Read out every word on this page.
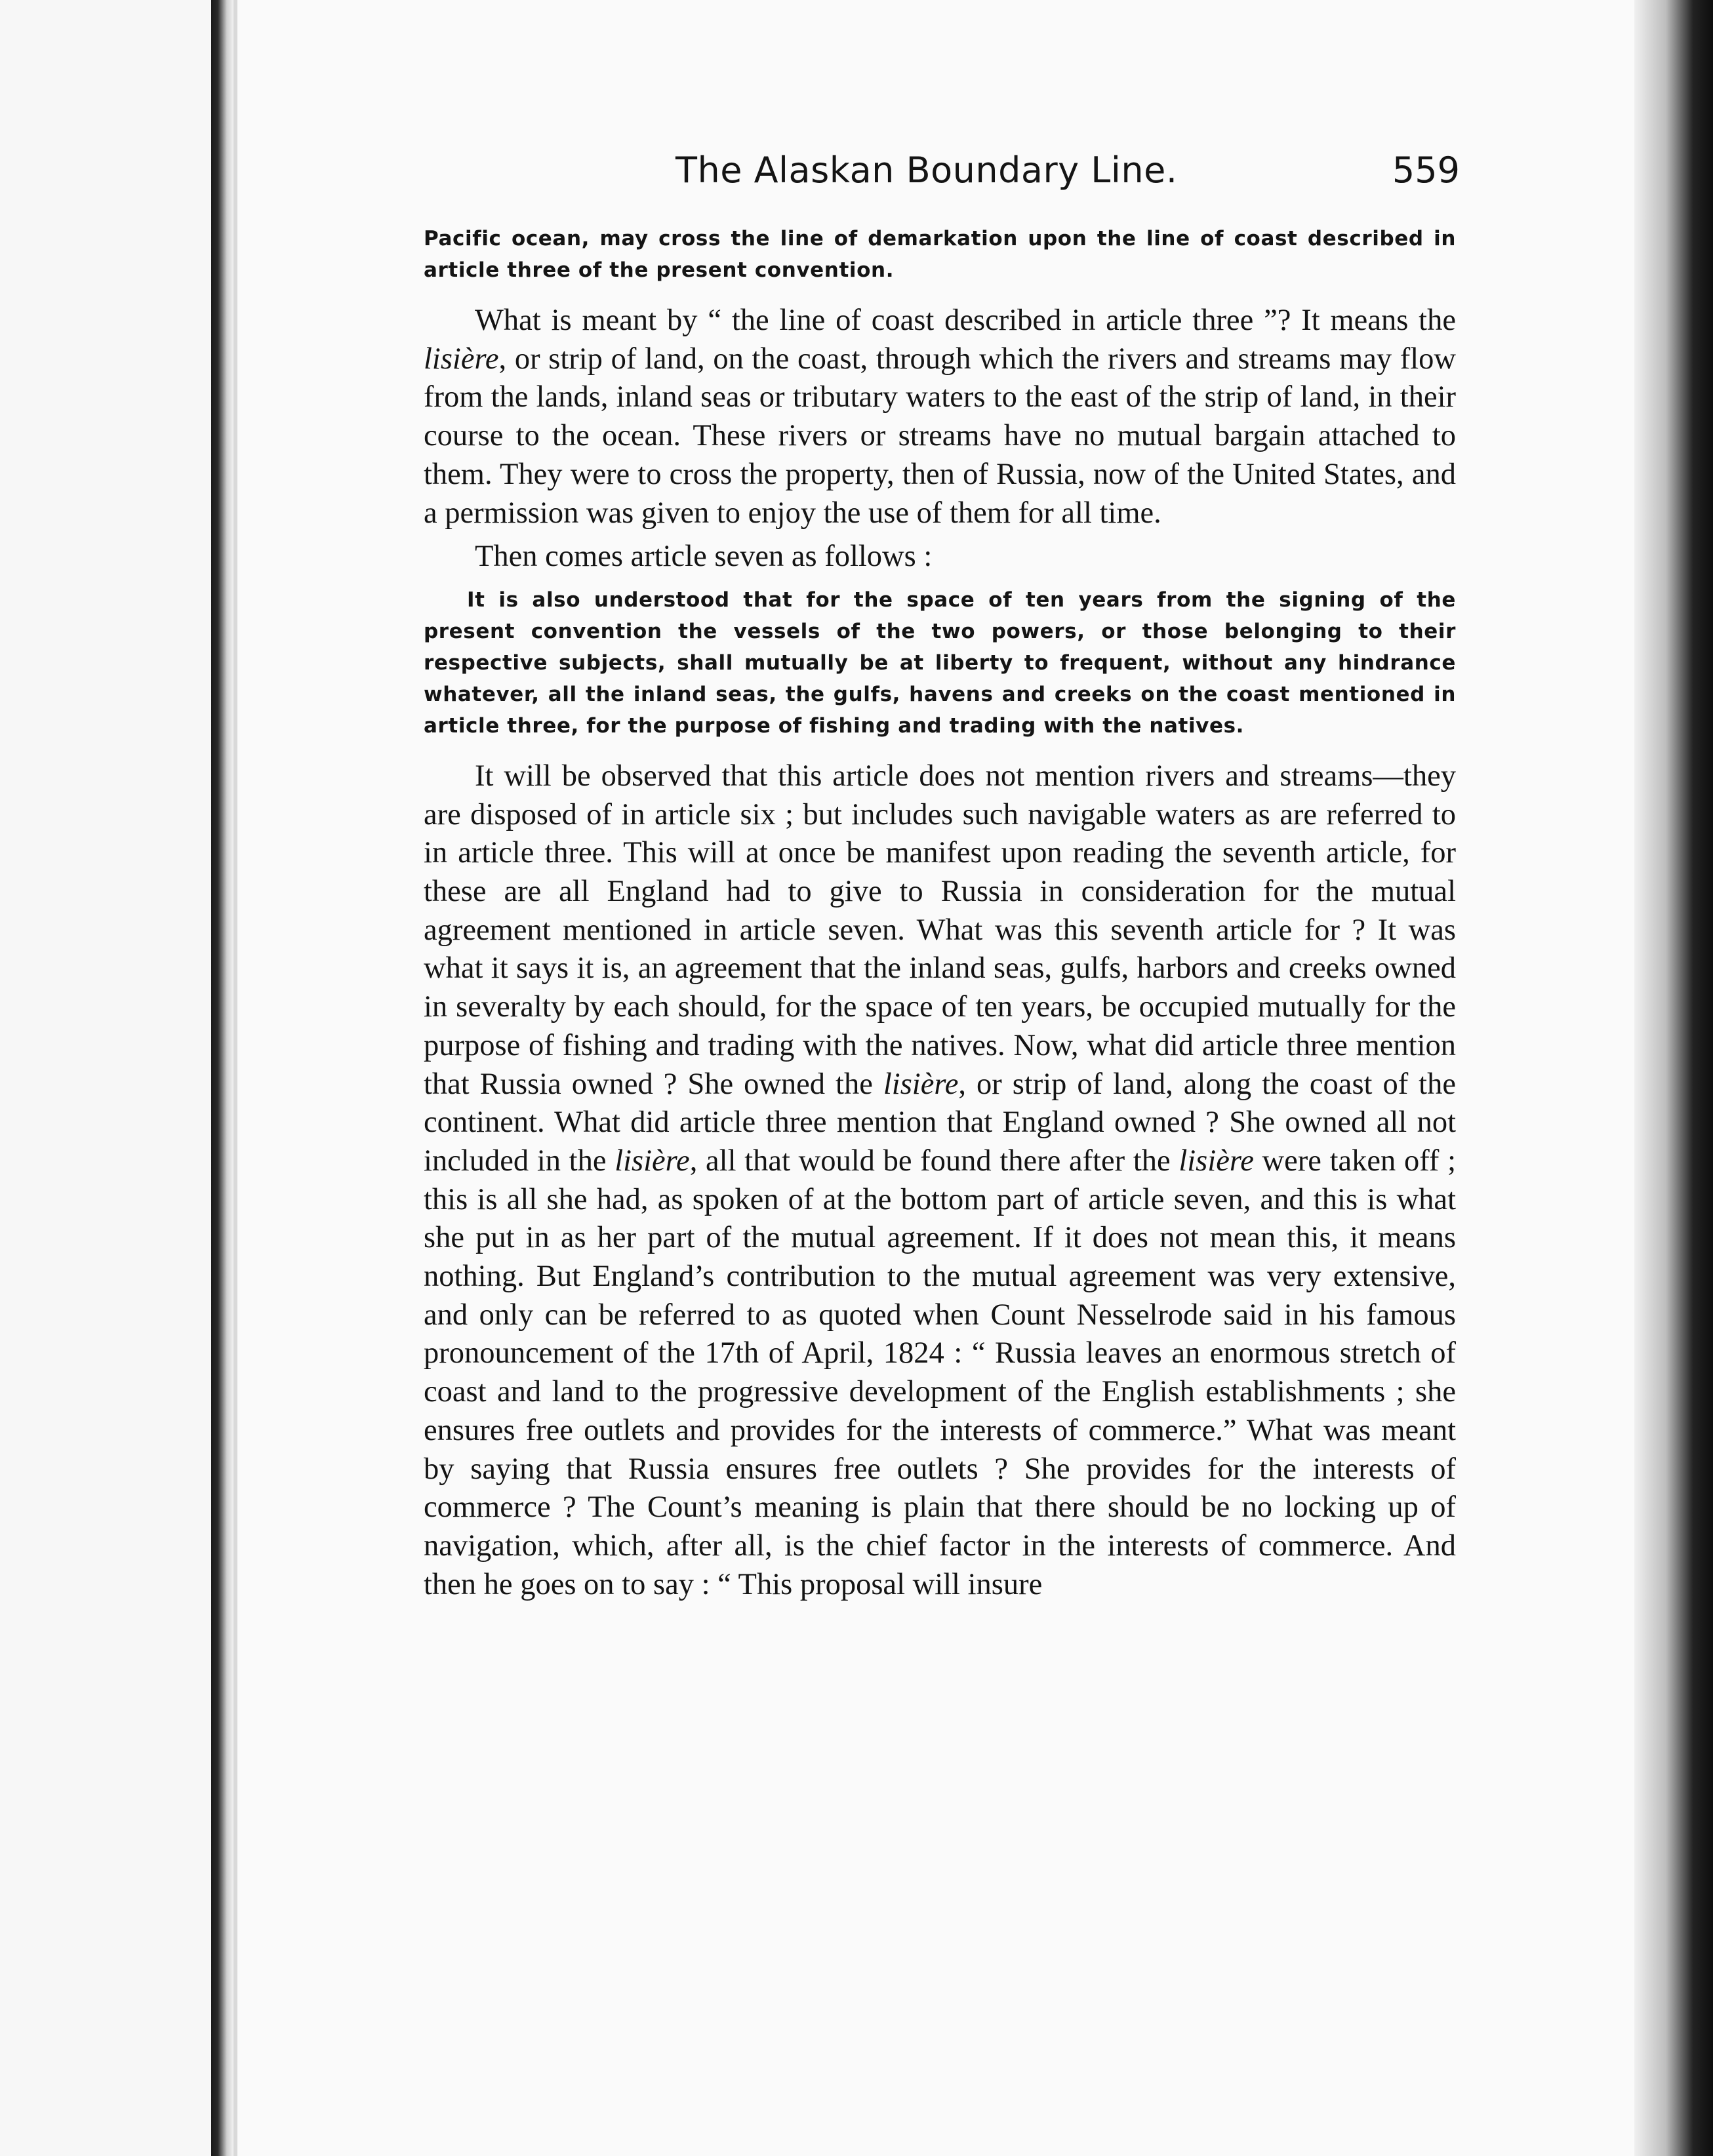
The Alaskan Boundary Line.	559
Pacific ocean, may cross the line of demarkation upon the line of coast described in article three of the present convention.
What is meant by “ the line of coast described in article three ”? It means the lisière, or strip of land, on the coast, through which the rivers and streams may flow from the lands, inland seas or tributary waters to the east of the strip of land, in their course to the ocean. These rivers or streams have no mutual bargain attached to them. They were to cross the property, then of Russia, now of the United States, and a permission was given to enjoy the use of them for all time.
Then comes article seven as follows :
It is also understood that for the space of ten years from the signing of the present convention the vessels of the two powers, or those belonging to their respective subjects, shall mutually be at liberty to frequent, without any hindrance whatever, all the inland seas, the gulfs, havens and creeks on the coast mentioned in article three, for the purpose of fishing and trading with the natives.
It will be observed that this article does not mention rivers and streams—they are disposed of in article six ; but includes such navigable waters as are referred to in article three. This will at once be manifest upon reading the seventh article, for these are all England had to give to Russia in consideration for the mutual agreement mentioned in article seven. What was this seventh article for ? It was what it says it is, an agreement that the inland seas, gulfs, harbors and creeks owned in severalty by each should, for the space of ten years, be occupied mutually for the purpose of fishing and trading with the natives. Now, what did article three mention that Russia owned ? She owned the lisière, or strip of land, along the coast of the continent. What did article three mention that England owned ? She owned all not included in the lisière, all that would be found there after the lisière were taken off ; this is all she had, as spoken of at the bottom part of article seven, and this is what she put in as her part of the mutual agreement. If it does not mean this, it means nothing. But England’s contribution to the mutual agreement was very extensive, and only can be referred to as quoted when Count Nesselrode said in his famous pronouncement of the 17th of April, 1824 : “ Russia leaves an enormous stretch of coast and land to the progressive development of the English establishments ; she ensures free outlets and provides for the interests of commerce.” What was meant by saying that Russia ensures free outlets ? She provides for the interests of commerce ? The Count’s meaning is plain that there should be no locking up of navigation, which, after all, is the chief factor in the interests of commerce. And then he goes on to say : “ This proposal will insure
